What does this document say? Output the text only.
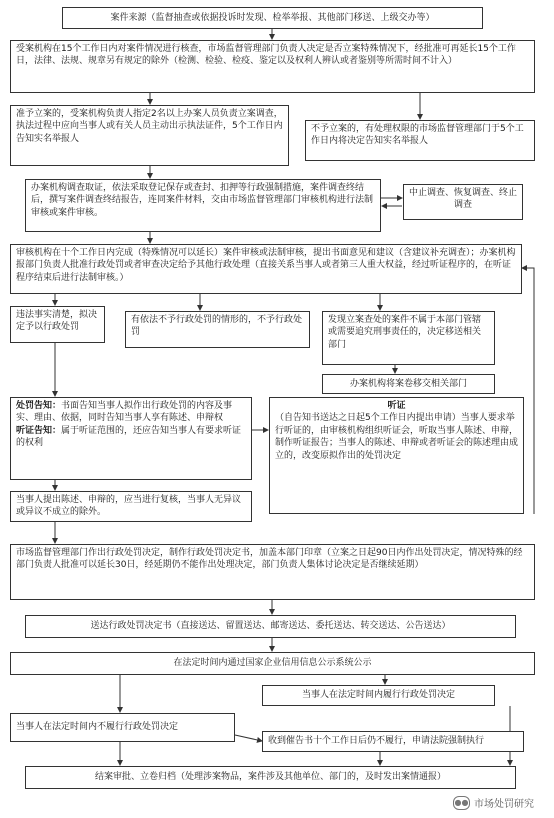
案件来源（监督抽查或依据投诉时发现、检举举报、其他部门移送、上级交办等）
受案机构在15个工作日内对案件情况进行核查，市场监督管理部门负责人决定是否立案特殊情况下，经批准可再延长15个工作日，法律、法规、规章另有规定的除外（检测、检验、检疫、鉴定以及权利人辨认或者鉴别等所需时间不计入）
准予立案的，受案机构负责人指定2名以上办案人员负责立案调查，执法过程中应向当事人或有关人员主动出示执法证件，5个工作日内告知实名举报人
不予立案的，有处理权限的市场监督管理部门于5个工作日内将决定告知实名举报人
办案机构调查取证，依法采取登记保存或查封、扣押等行政强制措施，案件调查终结后，撰写案件调查终结报告，连同案件材料，交由市场监督管理部门审核机构进行法制审核或案件审核。
中止调查、恢复调查、终止调查
审核机构在十个工作日内完成（特殊情况可以延长）案件审核或法制审核，提出书面意见和建议（含建议补充调查）；办案机构报部门负责人批准行政处罚或者审查决定给予其他行政处理（直接关系当事人或者第三人重大权益，经过听证程序的，在听证程序结束后进行法制审核。）
违法事实清楚，拟决定予以行政处罚
有依法不予行政处罚的情形的，不予行政处罚
发现立案查处的案件不属于本部门管辖或需要追究刑事责任的，决定移送相关部门
办案机构将案卷移交相关部门
处罚告知：书面告知当事人拟作出行政处罚的内容及事实、理由、依据，同时告知当事人享有陈述、申辩权
听证告知：属于听证范围的，还应告知当事人有要求听证的权利
听证
（自告知书送达之日起5个工作日内提出申请）当事人要求举行听证的，由审核机构组织听证会，听取当事人陈述、申辩，制作听证报告；当事人的陈述、申辩或者听证会的陈述理由成立的，改变原拟作出的处罚决定
当事人提出陈述、申辩的，应当进行复核，当事人无异议或异议不成立的除外。
市场监督管理部门作出行政处罚决定，制作行政处罚决定书，加盖本部门印章（立案之日起90日内作出处罚决定，情况特殊的经部门负责人批准可以延长30日，经延期仍不能作出处理决定，部门负责人集体讨论决定是否继续延期）
送达行政处罚决定书（直接送达、留置送达、邮寄送达、委托送达、转交送达、公告送达）
在法定时间内通过国家企业信用信息公示系统公示
当事人在法定时间内履行行政处罚决定
当事人在法定时间内不履行行政处罚决定
收到催告书十个工作日后仍不履行，申请法院强制执行
结案审批、立卷归档（处理涉案物品，案件涉及其他单位、部门的，及时发出案情通报）
●● 市场处罚研究
